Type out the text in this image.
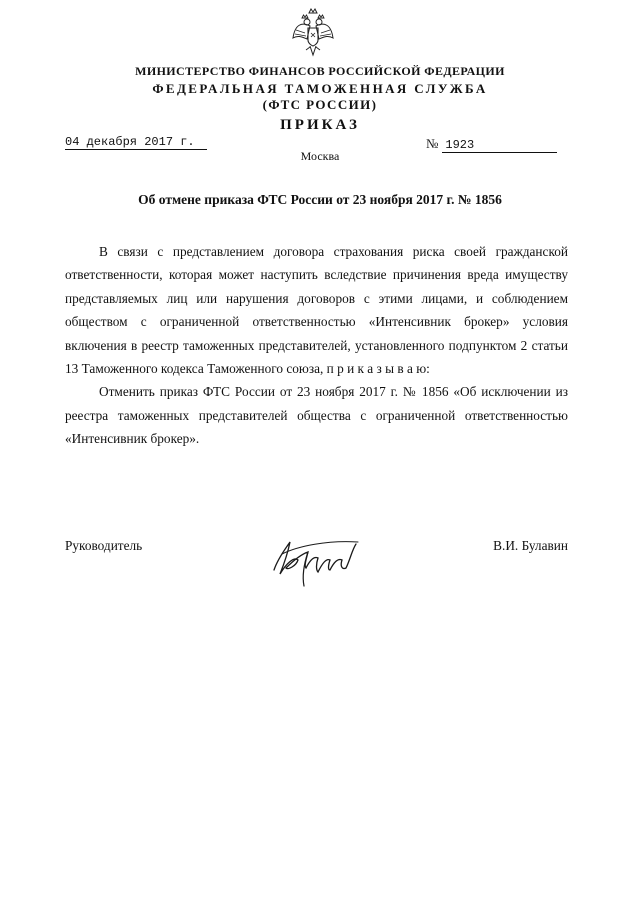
МИНИСТЕРСТВО ФИНАНСОВ РОССИЙСКОЙ ФЕДЕРАЦИИ
ФЕДЕРАЛЬНАЯ ТАМОЖЕННАЯ СЛУЖБА
(ФТС РОССИИ)
ПРИКАЗ
04 декабря 2017 г.	№ 1923
Москва
Об отмене приказа ФТС России от 23 ноября 2017 г. № 1856

В связи с представлением договора страхования риска своей гражданской ответственности, которая может наступить вследствие причинения вреда имуществу представляемых лиц или нарушения договоров с этими лицами, и соблюдением обществом с ограниченной ответственностью «Интенсивник брокер» условия включения в реестр таможенных представителей, установленного подпунктом 2 статьи 13 Таможенного кодекса Таможенного союза, п р и к а з ы в а ю:

Отменить приказ ФТС России от 23 ноября 2017 г. № 1856 «Об исключении из реестра таможенных представителей общества с ограниченной ответственностью «Интенсивник брокер».

Руководитель	В.И. Булавин
